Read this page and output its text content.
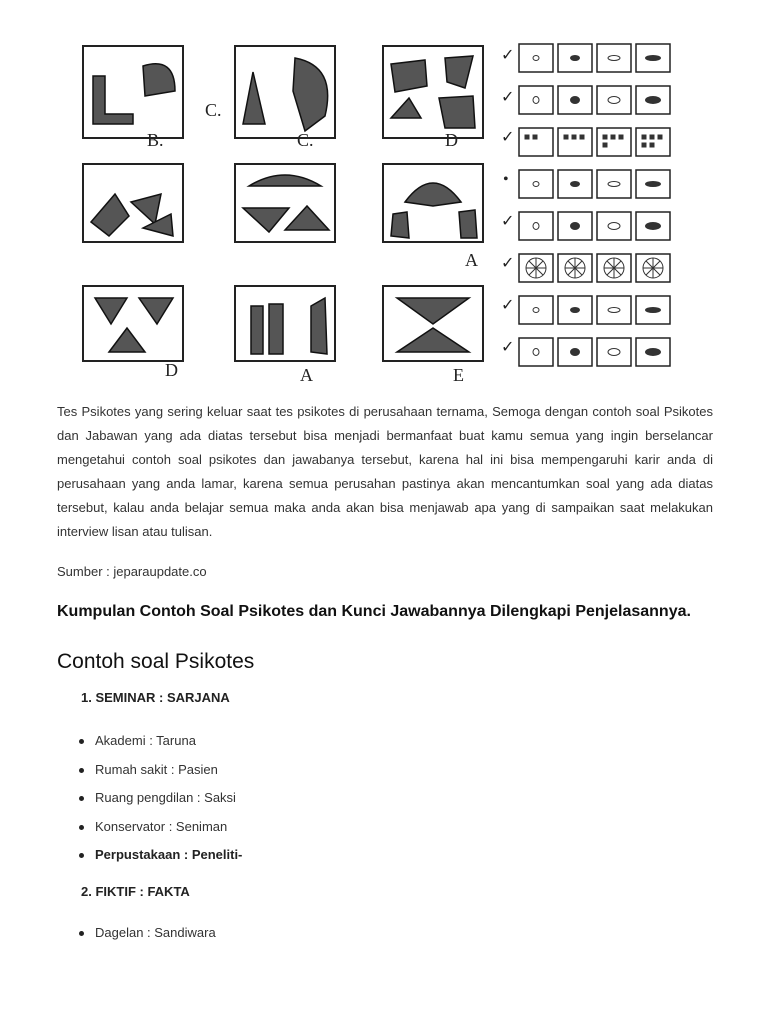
B.
C.
C.	D
A
D	A	E
✓
✓
✓
•
✓
✓
✓
✓

Tes Psikotes yang sering keluar saat tes psikotes di perusahaan ternama, Semoga dengan contoh soal Psikotes dan Jabawan yang ada diatas tersebut bisa menjadi bermanfaat buat kamu semua yang ingin berselancar mengetahui contoh soal psikotes dan jawabanya tersebut, karena hal ini bisa mempengaruhi karir anda di perusahaan yang anda lamar, karena semua perusahan pastinya akan mencantumkan soal yang ada diatas tersebut, kalau anda belajar semua maka anda akan bisa menjawab apa yang di sampaikan saat melakukan interview lisan atau tulisan.

Sumber : jeparaupdate.co

Kumpulan Contoh Soal Psikotes dan Kunci Jawabannya Dilengkapi Penjelasannya.
Contoh soal Psikotes
1. SEMINAR : SARJANA
Akademi : Taruna
Rumah sakit : Pasien
Ruang pengdilan : Saksi
Konservator : Seniman
Perpustakaan : Peneliti-
2. FIKTIF : FAKTA
Dagelan : Sandiwara
